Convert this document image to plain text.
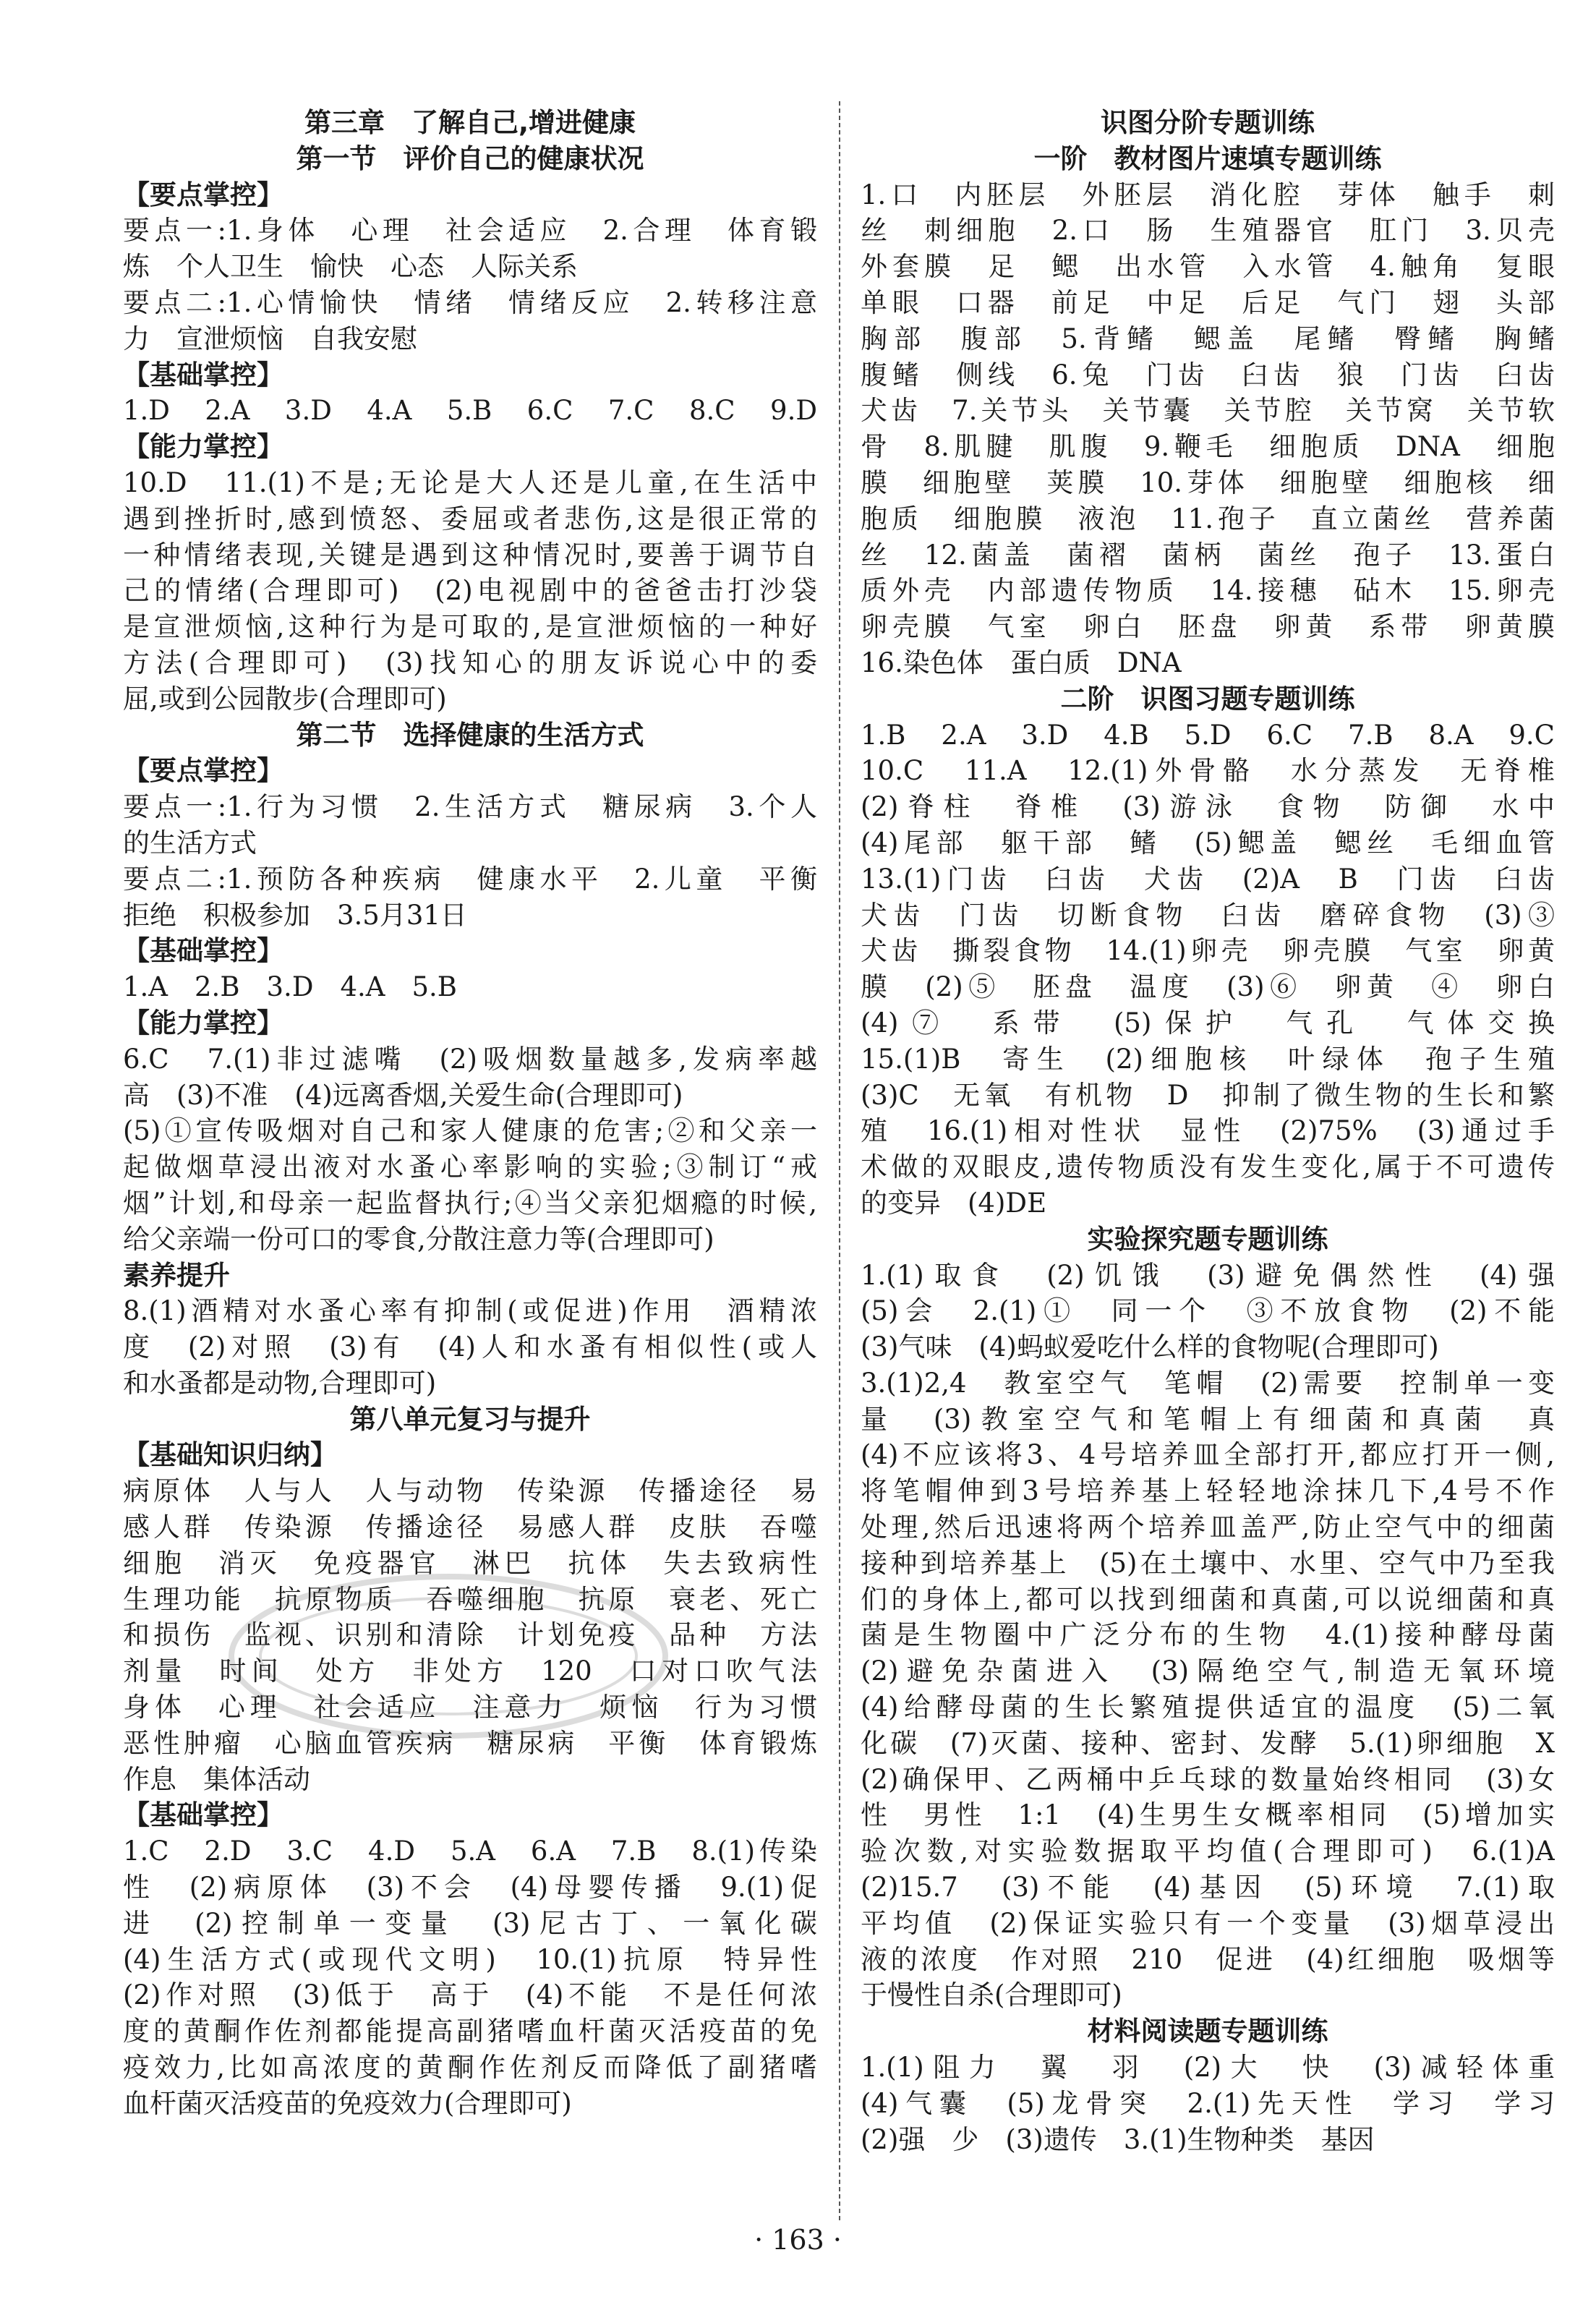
第三章　了解自己,增进健康
第一节　评价自己的健康状况
【要点掌控】
要点一:1.身体　心理　社会适应　2.合理　体育锻
炼　个人卫生　愉快　心态　人际关系
要点二:1.心情愉快　情绪　情绪反应　2.转移注意
力　宣泄烦恼　自我安慰
【基础掌控】
1.D　2.A　3.D　4.A　5.B　6.C　7.C　8.C　9.D
【能力掌控】
10.D　11.(1)不是;无论是大人还是儿童,在生活中
遇到挫折时,感到愤怒、委屈或者悲伤,这是很正常的
一种情绪表现,关键是遇到这种情况时,要善于调节自
己的情绪(合理即可)　(2)电视剧中的爸爸击打沙袋
是宣泄烦恼,这种行为是可取的,是宣泄烦恼的一种好
方法(合理即可)　(3)找知心的朋友诉说心中的委
屈,或到公园散步(合理即可)
第二节　选择健康的生活方式
【要点掌控】
要点一:1.行为习惯　2.生活方式　糖尿病　3.个人
的生活方式
要点二:1.预防各种疾病　健康水平　2.儿童　平衡
拒绝　积极参加　3.5月31日
【基础掌控】
1.A　2.B　3.D　4.A　5.B
【能力掌控】
6.C　7.(1)非过滤嘴　(2)吸烟数量越多,发病率越
高　(3)不准　(4)远离香烟,关爱生命(合理即可)
(5)①宣传吸烟对自己和家人健康的危害;②和父亲一
起做烟草浸出液对水蚤心率影响的实验;③制订“戒
烟”计划,和母亲一起监督执行;④当父亲犯烟瘾的时候,
给父亲端一份可口的零食,分散注意力等(合理即可)
素养提升
8.(1)酒精对水蚤心率有抑制(或促进)作用　酒精浓
度　(2)对照　(3)有　(4)人和水蚤有相似性(或人
和水蚤都是动物,合理即可)
第八单元复习与提升
【基础知识归纳】
病原体　人与人　人与动物　传染源　传播途径　易
感人群　传染源　传播途径　易感人群　皮肤　吞噬
细胞　消灭　免疫器官　淋巴　抗体　失去致病性
生理功能　抗原物质　吞噬细胞　抗原　衰老、死亡
和损伤　监视、识别和清除　计划免疫　品种　方法
剂量　时间　处方　非处方　120　口对口吹气法
身体　心理　社会适应　注意力　烦恼　行为习惯
恶性肿瘤　心脑血管疾病　糖尿病　平衡　体育锻炼
作息　集体活动
【基础掌控】
1.C　2.D　3.C　4.D　5.A　6.A　7.B　8.(1)传染
性　(2)病原体　(3)不会　(4)母婴传播　9.(1)促
进　(2)控制单一变量　(3)尼古丁、一氧化碳
(4)生活方式(或现代文明)　10.(1)抗原　特异性
(2)作对照　(3)低于　高于　(4)不能　不是任何浓
度的黄酮作佐剂都能提高副猪嗜血杆菌灭活疫苗的免
疫效力,比如高浓度的黄酮作佐剂反而降低了副猪嗜
血杆菌灭活疫苗的免疫效力(合理即可)
识图分阶专题训练
一阶　教材图片速填专题训练
1.口　内胚层　外胚层　消化腔　芽体　触手　刺
丝　刺细胞　2.口　肠　生殖器官　肛门　3.贝壳
外套膜　足　鳃　出水管　入水管　4.触角　复眼
单眼　口器　前足　中足　后足　气门　翅　头部
胸部　腹部　5.背鳍　鳃盖　尾鳍　臀鳍　胸鳍
腹鳍　侧线　6.兔　门齿　臼齿　狼　门齿　臼齿
犬齿　7.关节头　关节囊　关节腔　关节窝　关节软
骨　8.肌腱　肌腹　9.鞭毛　细胞质　DNA　细胞
膜　细胞壁　荚膜　10.芽体　细胞壁　细胞核　细
胞质　细胞膜　液泡　11.孢子　直立菌丝　营养菌
丝　12.菌盖　菌褶　菌柄　菌丝　孢子　13.蛋白
质外壳　内部遗传物质　14.接穗　砧木　15.卵壳
卵壳膜　气室　卵白　胚盘　卵黄　系带　卵黄膜
16.染色体　蛋白质　DNA
二阶　识图习题专题训练
1.B　2.A　3.D　4.B　5.D　6.C　7.B　8.A　9.C
10.C　11.A　12.(1)外骨骼　水分蒸发　无脊椎
(2)脊柱　脊椎　(3)游泳　食物　防御　水中
(4)尾部　躯干部　鳍　(5)鳃盖　鳃丝　毛细血管
13.(1)门齿　臼齿　犬齿　(2)A　B　门齿　臼齿
犬齿　门齿　切断食物　臼齿　磨碎食物　(3)③
犬齿　撕裂食物　14.(1)卵壳　卵壳膜　气室　卵黄
膜　(2)⑤　胚盘　温度　(3)⑥　卵黄　④　卵白
(4)⑦　系带　(5)保护　气孔　气体交换
15.(1)B　寄生　(2)细胞核　叶绿体　孢子生殖
(3)C　无氧　有机物　D　抑制了微生物的生长和繁
殖　16.(1)相对性状　显性　(2)75%　(3)通过手
术做的双眼皮,遗传物质没有发生变化,属于不可遗传
的变异　(4)DE
实验探究题专题训练
1.(1)取食　(2)饥饿　(3)避免偶然性　(4)强
(5)会　2.(1)①　同一个　③不放食物　(2)不能
(3)气味　(4)蚂蚁爱吃什么样的食物呢(合理即可)
3.(1)2,4　教室空气　笔帽　(2)需要　控制单一变
量　(3)教室空气和笔帽上有细菌和真菌　真
(4)不应该将3、4号培养皿全部打开,都应打开一侧,
将笔帽伸到3号培养基上轻轻地涂抹几下,4号不作
处理,然后迅速将两个培养皿盖严,防止空气中的细菌
接种到培养基上　(5)在土壤中、水里、空气中乃至我
们的身体上,都可以找到细菌和真菌,可以说细菌和真
菌是生物圈中广泛分布的生物　4.(1)接种酵母菌
(2)避免杂菌进入　(3)隔绝空气,制造无氧环境
(4)给酵母菌的生长繁殖提供适宜的温度　(5)二氧
化碳　(7)灭菌、接种、密封、发酵　5.(1)卵细胞　X
(2)确保甲、乙两桶中乒乓球的数量始终相同　(3)女
性　男性　1:1　(4)生男生女概率相同　(5)增加实
验次数,对实验数据取平均值(合理即可)　6.(1)A
(2)15.7　(3)不能　(4)基因　(5)环境　7.(1)取
平均值　(2)保证实验只有一个变量　(3)烟草浸出
液的浓度　作对照　210　促进　(4)红细胞　吸烟等
于慢性自杀(合理即可)
材料阅读题专题训练
1.(1)阻力　翼　羽　(2)大　快　(3)减轻体重
(4)气囊　(5)龙骨突　2.(1)先天性　学习　学习
(2)强　少　(3)遗传　3.(1)生物种类　基因
· 163 ·
